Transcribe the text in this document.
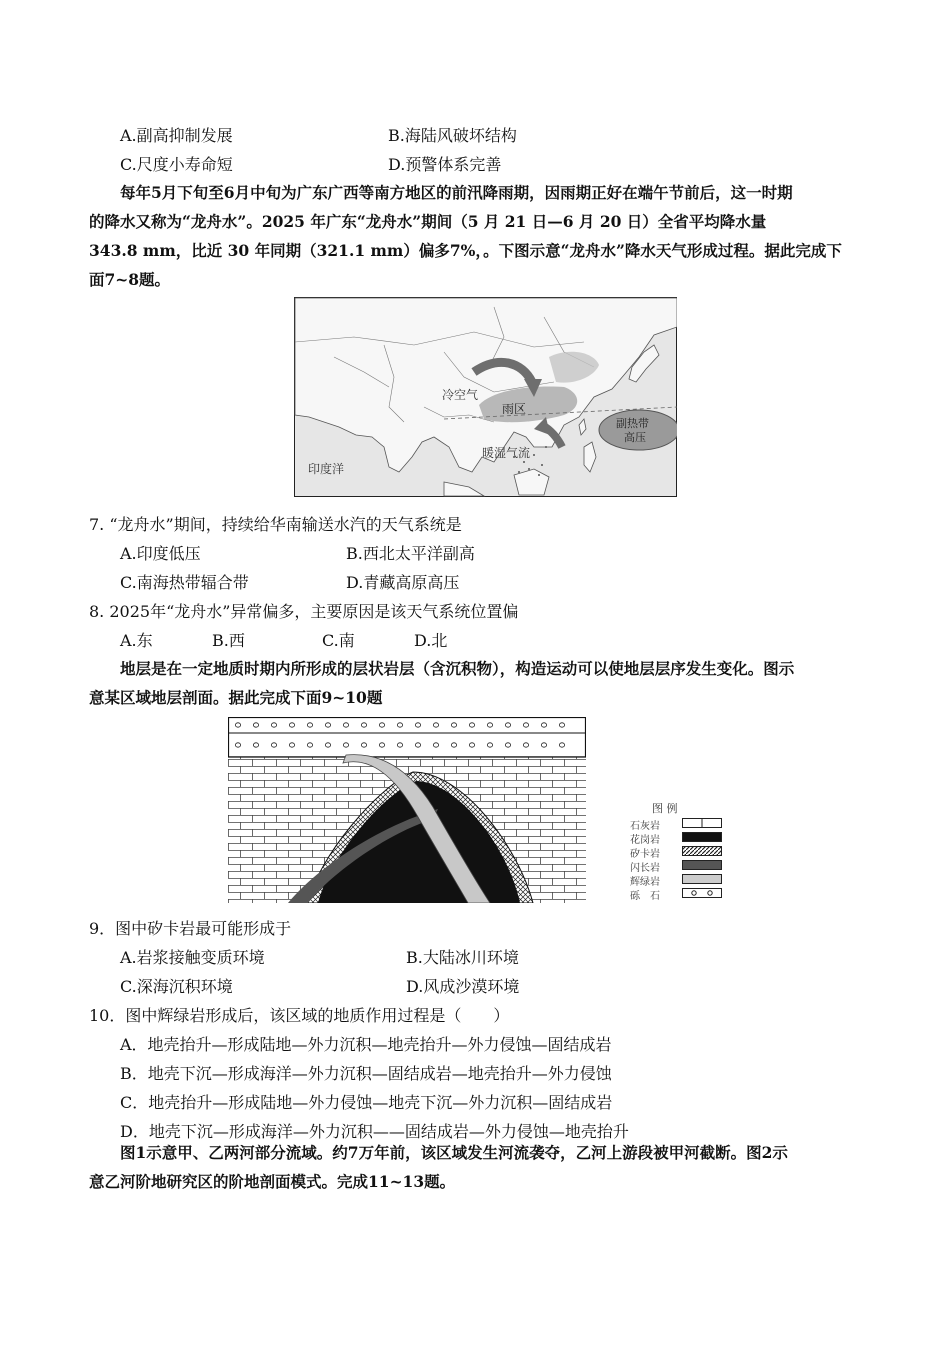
A.副高抑制发展	B.海陆风破坏结构
C.尺度小寿命短	D.预警体系完善
每年5月下旬至6月中旬为广东广西等南方地区的前汛降雨期，因雨期正好在端午节前后，这一时期
的降水又称为“龙舟水”。2025 年广东“龙舟水”期间（5 月 21 日—6 月 20 日）全省平均降水量
343.8 mm，比近 30 年同期（321.1 mm）偏多7%，。下图示意“龙舟水”降水天气形成过程。据此完成下
面7~8题。
冷空气
雨区
暖湿气流
副热带
高压
印度洋
7. “龙舟水”期间，持续给华南输送水汽的天气系统是
A.印度低压	B.西北太平洋副高
C.南海热带辐合带	D.青藏高原高压
8. 2025年“龙舟水”异常偏多，主要原因是该天气系统位置偏
A.东	B.西	C.南	D.北
地层是在一定地质时期内所形成的层状岩层（含沉积物），构造运动可以使地层层序发生变化。图示
意某区域地层剖面。据此完成下面9~10题
图 例
石灰岩
花岗岩
矽卡岩
闪长岩
辉绿岩
砾　石
9．图中矽卡岩最可能形成于
A.岩浆接触变质环境	B.大陆冰川环境
C.深海沉积环境	D.风成沙漠环境
10．图中辉绿岩形成后，该区域的地质作用过程是（　　）
A．地壳抬升—形成陆地—外力沉积—地壳抬升—外力侵蚀—固结成岩
B．地壳下沉—形成海洋—外力沉积—固结成岩—地壳抬升—外力侵蚀
C．地壳抬升—形成陆地—外力侵蚀—地壳下沉—外力沉积—固结成岩
D．地壳下沉—形成海洋—外力沉积——固结成岩—外力侵蚀—地壳抬升
图1示意甲、乙两河部分流域。约7万年前，该区域发生河流袭夺，乙河上游段被甲河截断。图2示
意乙河阶地研究区的阶地剖面模式。完成11~13题。
